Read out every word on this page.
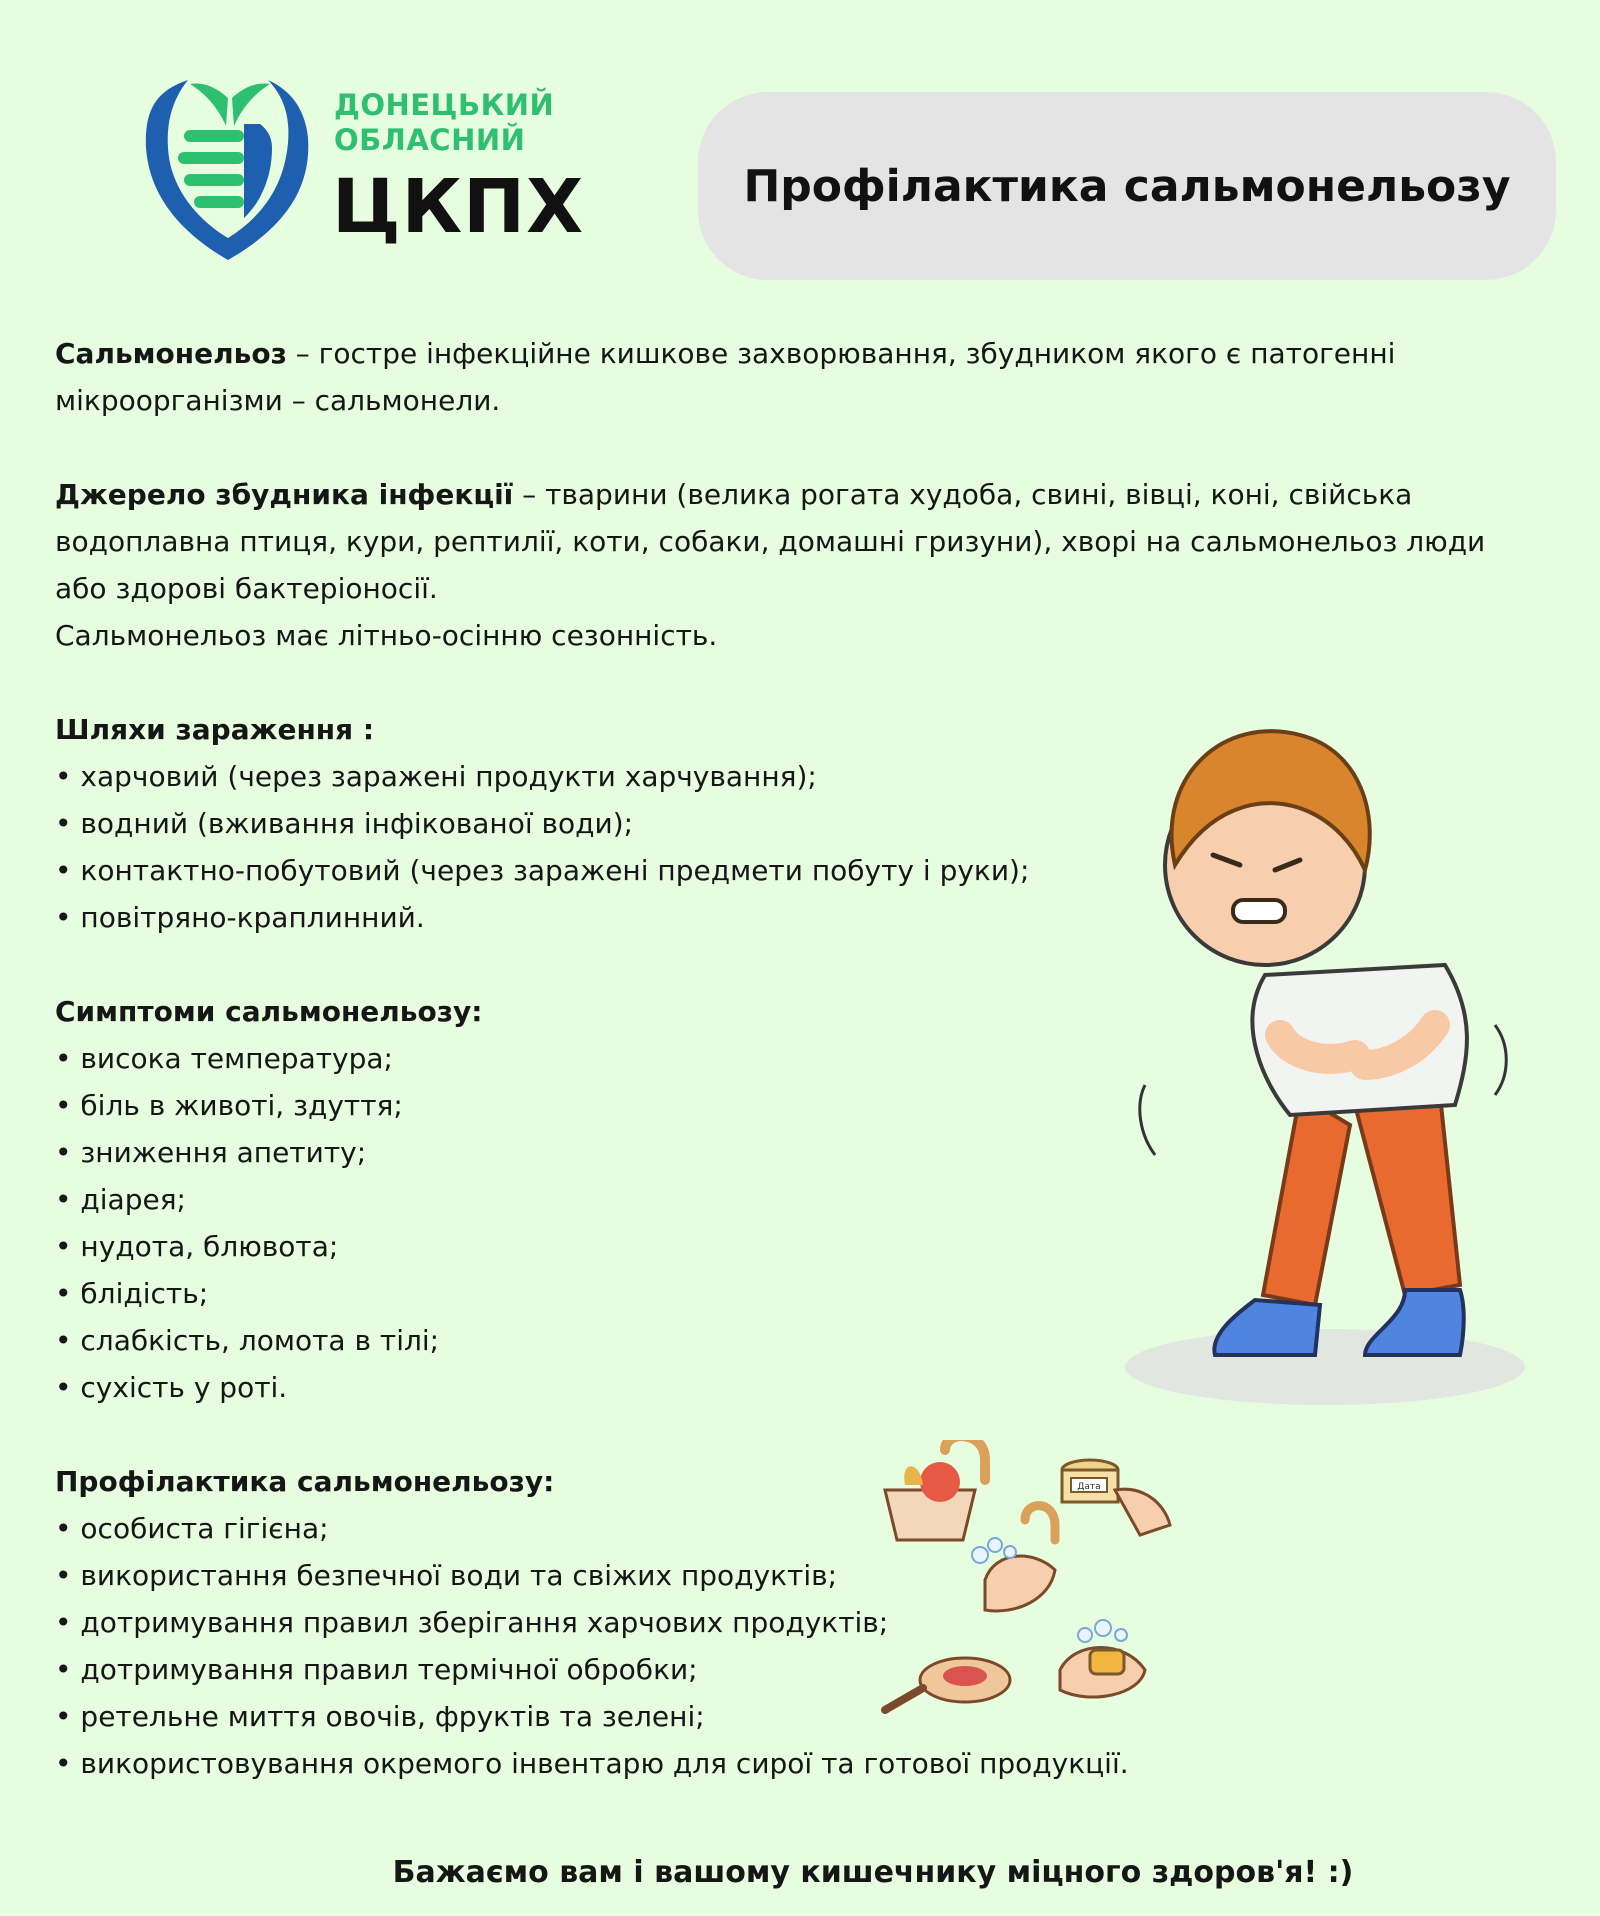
ДОНЕЦЬКИЙ
ОБЛАСНИЙ
ЦКПХ	Профілактика сальмонельозу

Сальмонельоз – гостре інфекційне кишкове захворювання, збудником якого є патогенні

мікроорганізми – сальмонели.

Джерело збудника інфекції – тварини (велика рогата худоба, свині, вівці, коні, свійська

водоплавна птиця, кури, рептилії, коти, собаки, домашні гризуни), хворі на сальмонельоз люди

або здорові бактеріоносії.

Сальмонельоз має літньо-осінню сезонність.

Шляхи зараження :

• харчовий (через заражені продукти харчування);

• водний (вживання інфікованої води);

• контактно-побутовий (через заражені предмети побуту і руки);

• повітряно-краплинний.

Симптоми сальмонельозу:

• висока температура;

• біль в животі, здуття;

• зниження апетиту;

• діарея;

• нудота, блювота;

• блідість;

• слабкість, ломота в тілі;

• сухість у роті.

Профілактика сальмонельозу:

• особиста гігієна;

• використання безпечної води та свіжих продуктів;

• дотримування правил зберігання харчових продуктів;

• дотримування правил термічної обробки;

• ретельне миття овочів, фруктів та зелені;

• використовування окремого інвентарю для сирої та готової продукції.

Дата
Бажаємо вам і вашому кишечнику міцного здоров'я! :)
